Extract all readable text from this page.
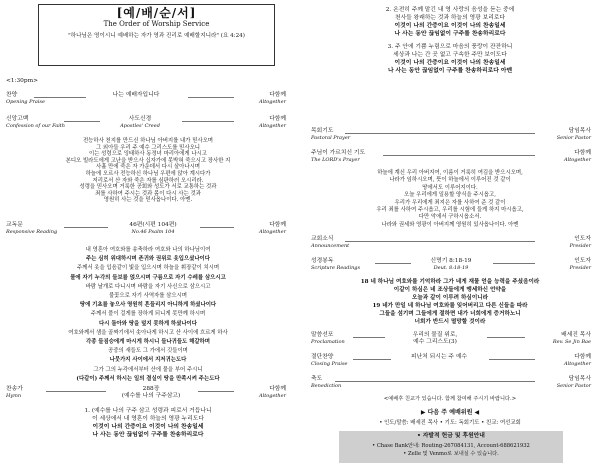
[예/배/순/서]
The Order of Worship Service
"하나님은 영이시니 예배하는 자가 영과 진리로 예배할지니라" (요 4:24)
<1:30pm>
찬양
Opening Praise
나는 예배자입니다	다함께
Altogether
신앙고백
Confession of our Faith
사도신경
Apostles' Creed
다함께
Altogether
전능하사 천지를 만드신 하나님 아버지를 내가 믿사오며
그 외아들 우리 주 예수 그리스도를 믿사오니
이는 성령으로 잉태하사 동정녀 마리아에게 나시고
본디오 빌라도에게 고난을 받으사 십자가에 못박혀 죽으시고 장사한 지
사흘 만에 죽은 자 가운데서 다시 살아나시며
하늘에 오르사 전능하신 하나님 우편에 앉아 계시다가
저리로서 산 자와 죽은 자를 심판하러 오시리라.
성령을 믿사오며 거룩한 공회와 성도가 서로 교통하는 것과
죄를 사하여 주시는 것과 몸이 다시 사는 것과
영원히 사는 것을 믿사옵나이다. 아멘.
교독문
Responsive Reading
46편(시편 104편)
No.46 Psalm 104
다함께
Altogether
내 영혼아 여호와를 송축하라 여호와 나의 하나님이여
주는 심히 위대하시며 존귀와 권위로 옷입으셨나이다
주께서 옷을 입음같이 빛을 입으시며 하늘을 휘장같이 치시며
물에 자기 누각의 들보를 얹으시며 구름으로 자기 수레를 삼으시고
바람 날개로 다니시며 바람을 자기 사신으로 삼으시고
불꽃으로 자기 사역자를 삼으시며
땅에 기초를 놓으사 영원히 흔들리지 아니하게 하셨나이다
주께서 풀이 걸게를 장하게 되니게 못만께 하시며
다시 돌아와 땅을 덮지 못하게 하셨나이다
여호와께서 샘을 골짜기에서 솟아나게 하시고 산 사이에 흐르게 하사
각종 들짐승에게 마시게 하시니 들나귀들도 해갈하며
공중의 새들도 그 가에서 깃들이며
나뭇가지 사이에서 지저귀는도다
그가 그의 누각에서부터 산에 물을 부어 주시니
(다같이) 주께서 하시는 일의 결실이 땅을 만족시켜 주는도다
찬송가
Hymn
288장
(예수를 나의 구주삼고)
다함께
Altogether
1. (예수를 나의 구주 삼고 성령과 피로서 거듭나니
이 세상에서 내 영혼이 하늘의 영광 누리도다
이것이 나의 간증이요 이것이 나의 찬송일세
나 사는 동안 끊임없이 구주를 찬송하리로다
2. 온전히 주께 맡긴 내 영 사랑의 음성을 듣는 중에
천사들 왕래하는 것과 하늘의 영광 보리로다
이것이 나의 간증이요 이것이 나의 찬송일세
나 사는 동안 끊임없이 구주를 찬송하리로다
3. 주 안에 기쁨 누림으로 마음의 풍랑이 잔잔하니
세상과 나는 간 곳 없고 구속한 주만 보이도다
이것이 나의 간증이요 이것이 나의 찬송일세
나 사는 동안 끊임없이 구주를 찬송하리로다 아멘
목회기도
Pastoral Prayer
담임목사
Senior Pastor
주님이 가르치신 기도
The LORD's Prayer
다함께
Altogether
하늘에 계신 우리 아버지여, 이름이 거룩히 여김을 받으시오며,
나라가 임하시오며, 뜻이 하늘에서 이루어진 것 같이
땅에서도 이루어지이다.
오늘 우리에게 일용할 양식을 주시옵고,
우리가 우리에게 죄지은 자를 사하여 준 것 같이
우리 죄를 사하여 주시옵고, 우리를 시험에 들게 하지 마시옵고,
다만 악에서 구하시옵소서.
나라와 권세와 영광이 아버지께 영원히 있사옵나이다. 아멘
교회소식
Announcement
인도자
Presider
성경봉독
Scripture Readings
신명기 8:18-19
Deut. 8:18-19
인도자
Presider
18 네 하나님 여호와를 기억하라 그가 네게 재물 얻을 능력을 주셨음이라
이같이 하심은 네 조상들에게 맹세하신 언약을
오늘과 같이 이루려 하심이니라
19 네가 만일 네 하나님 여호와를 잊어버리고 다른 신들을 따라
그들을 섬기며 그들에게 절하면 내가 너희에게 증거하노니
너희가 반드시 멸망할 것이라
말씀선포
Proclamation
우리의 물질 위로,
예수 그리스도(3)
배세진 목사
Rev. Se Jin Bae
결단찬양
Closing Praise
피난처 되시는 주 예수	다함께
Altogether
축도
Benediction
담임목사
Senior Pastor
<예배후 친교가 있습니다. 함께 참여해 주시기 바랍니다.>
▶ 다음 주 예배위원 ◀
• 인도/말씀: 배세진 목사 • 기도: 독회기도 • 친교: 여선교회
• 자발적 헌금 및 후원안내
• Chase Bank안내: Routing-267084131, Account-688621932
• Zelle 및 Venmo로 보내실 수 있습니다.
